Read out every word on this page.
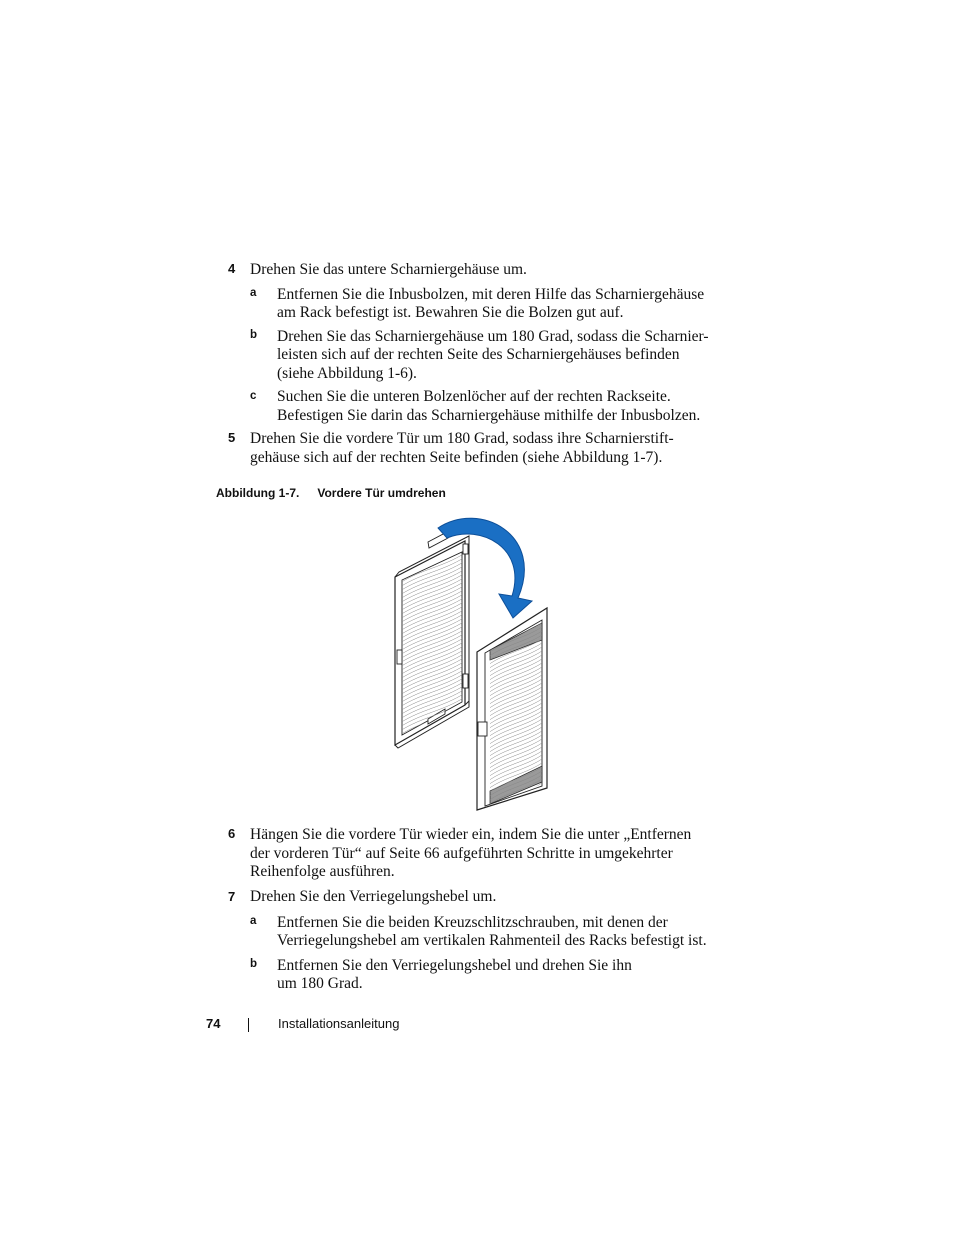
4 Drehen Sie das untere Scharniergehäuse um.
a Entfernen Sie die Inbusbolzen, mit deren Hilfe das Scharniergehäuse
am Rack befestigt ist. Bewahren Sie die Bolzen gut auf.
b Drehen Sie das Scharniergehäuse um 180 Grad, sodass die Scharnier-
leisten sich auf der rechten Seite des Scharniergehäuses befinden
(siehe Abbildung 1-6).
c Suchen Sie die unteren Bolzenlöcher auf der rechten Rackseite.
Befestigen Sie darin das Scharniergehäuse mithilfe der Inbusbolzen.
5 Drehen Sie die vordere Tür um 180 Grad, sodass ihre Scharnierstift-
gehäuse sich auf der rechten Seite befinden (siehe Abbildung 1-7).
Abbildung 1-7. Vordere Tür umdrehen
6 Hängen Sie die vordere Tür wieder ein, indem Sie die unter „Entfernen
der vorderen Tür“ auf Seite 66 aufgeführten Schritte in umgekehrter
Reihenfolge ausführen.
7 Drehen Sie den Verriegelungshebel um.
a Entfernen Sie die beiden Kreuzschlitzschrauben, mit denen der
Verriegelungshebel am vertikalen Rahmenteil des Racks befestigt ist.
b Entfernen Sie den Verriegelungshebel und drehen Sie ihn
um 180 Grad.
74	Installationsanleitung
